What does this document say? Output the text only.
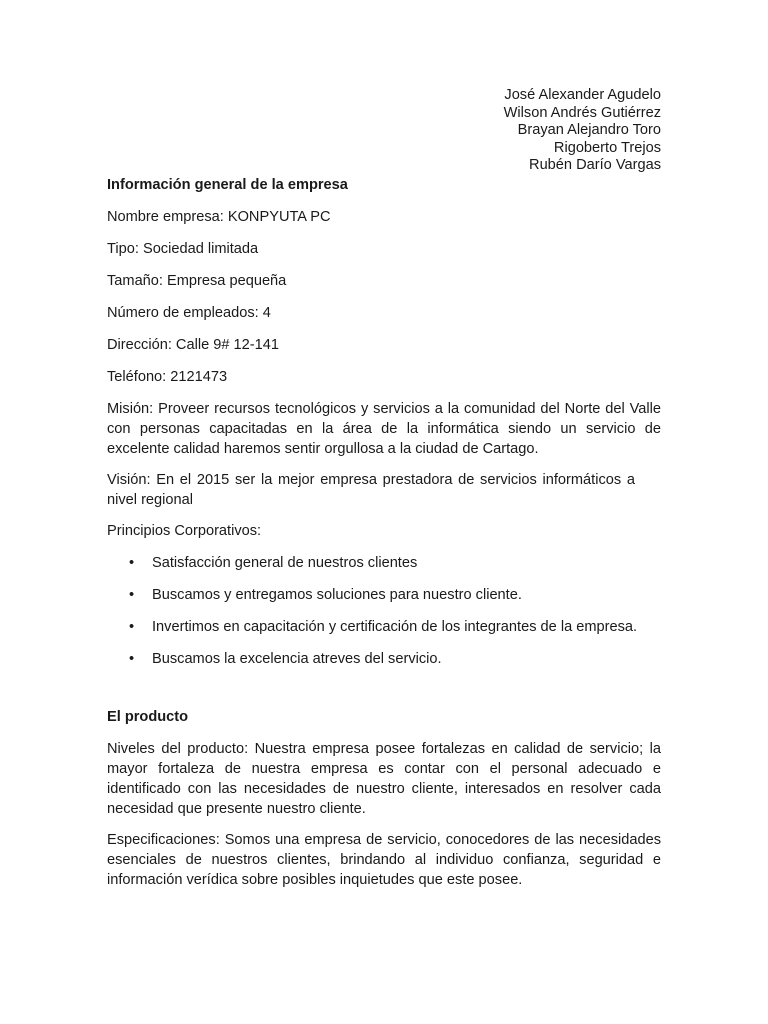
José Alexander Agudelo
Wilson Andrés Gutiérrez
Brayan Alejandro Toro
Rigoberto Trejos
Rubén Darío Vargas

Información general de la empresa

Nombre empresa: KONPYUTA PC

Tipo: Sociedad limitada

Tamaño: Empresa pequeña

Número de empleados: 4

Dirección: Calle 9# 12-141

Teléfono: 2121473

Misión: Proveer recursos tecnológicos y servicios a la comunidad del Norte del Valle con personas capacitadas en la área de la informática siendo un servicio de excelente calidad haremos sentir orgullosa a la ciudad de Cartago.

Visión: En el 2015 ser la mejor empresa prestadora de servicios informáticos a nivel regional

Principios Corporativos:

• Satisfacción general de nuestros clientes
• Buscamos y entregamos soluciones para nuestro cliente.
• Invertimos en capacitación y certificación de los integrantes de la empresa.
• Buscamos la excelencia atreves del servicio.

El producto

Niveles del producto: Nuestra empresa posee fortalezas en calidad de servicio; la mayor fortaleza de nuestra empresa es contar con el personal adecuado e identificado con las necesidades de nuestro cliente, interesados en resolver cada necesidad que presente nuestro cliente.

Especificaciones: Somos una empresa de servicio, conocedores de las necesidades esenciales de nuestros clientes, brindando al individuo confianza, seguridad e información verídica sobre posibles inquietudes que este posee.
